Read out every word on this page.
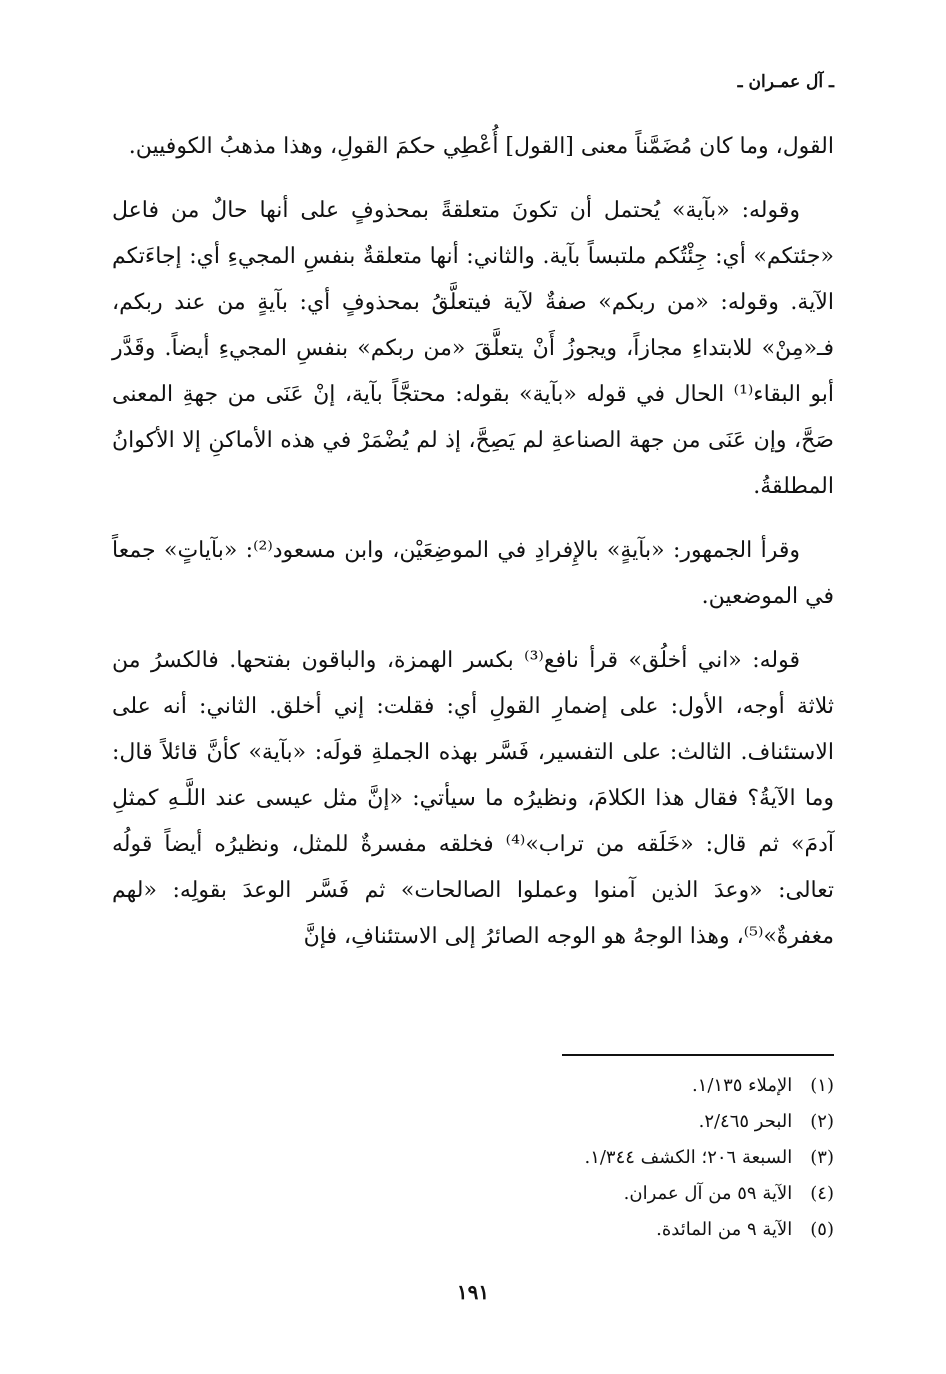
ـ آل عمـران ـ

القول، وما كان مُضَمَّناً معنى [القول] أُعْطِي حكمَ القولِ، وهذا مذهبُ الكوفيين.

وقوله: «بآية» يُحتمل أن تكونَ متعلقةً بمحذوفٍ على أنها حالٌ من فاعل «جئتكم» أي: جِئْتُكم ملتبساً بآية. والثاني: أنها متعلقةٌ بنفسِ المجيءِ أي: إجاءَتكم الآية. وقوله: «من ربكم» صفةٌ لآية فيتعلَّقُ بمحذوفٍ أي: بآيةٍ من عند ربكم، فـ«مِنْ» للابتداءِ مجازاً، ويجوزُ أَنْ يتعلَّقَ «من ربكم» بنفسِ المجيءِ أيضاً. وقَدَّر أبو البقاء⁽¹⁾ الحال في قوله «بآية» بقوله: محتجَّاً بآية، إنْ عَنَى من جهةِ المعنى صَحَّ، وإن عَنَى من جهة الصناعةِ لم يَصِحَّ، إذ لم يُضْمَرْ في هذه الأماكنِ إلا الأكوانُ المطلقةُ.

وقرأ الجمهور: «بآيةٍ» بالإِفرادِ في الموضِعَيْن، وابن مسعود⁽²⁾: «بآياتٍ» جمعاً في الموضعين.

قوله: «اني أخلُق» قرأ نافع⁽³⁾ بكسر الهمزة، والباقون بفتحها. فالكسرُ من ثلاثة أوجه، الأول: على إضمارِ القولِ أي: فقلت: إني أخلق. الثاني: أنه على الاستئناف. الثالث: على التفسير، فَسَّر بهذه الجملةِ قولَه: «بآية» كأنَّ قائلاً قال: وما الآيةُ؟ فقال هذا الكلامَ، ونظيرُه ما سيأتي: «إنَّ مثل عيسى عند اللَّـهِ كمثلِ آدمَ» ثم قال: «خَلَقه من تراب»⁽⁴⁾ فخلقه مفسرةٌ للمثل، ونظيرُه أيضاً قولُه تعالى: «وعدَ الذين آمنوا وعملوا الصالحات» ثم فَسَّر الوعدَ بقولِه: «لهم مغفرةٌ»⁽⁵⁾، وهذا الوجهُ هو الوجه الصائرُ إلى الاستئنافِ، فإنَّ

(١) الإملاء ١/١٣٥.
(٢) البحر ٢/٤٦٥.
(٣) السبعة ٢٠٦؛ الكشف ١/٣٤٤.
(٤) الآية ٥٩ من آل عمران.
(٥) الآية ٩ من المائدة.
١٩١
